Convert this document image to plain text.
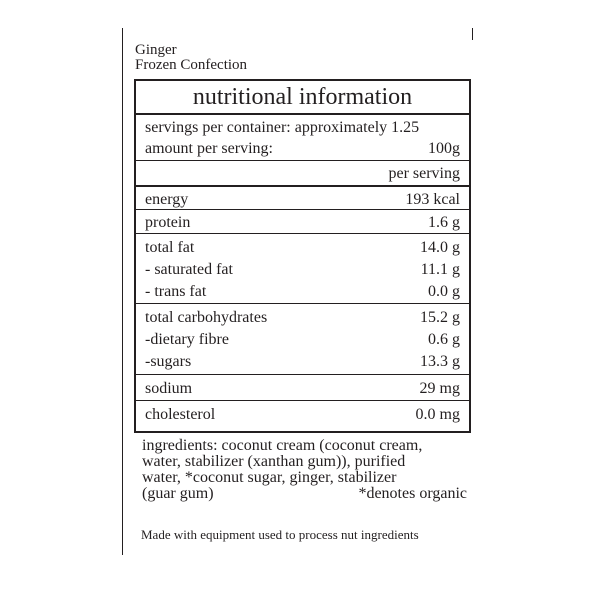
Ginger
Frozen Confection
nutritional information
servings per container: approximately 1.25
amount per serving:	100g
per serving
energy	193 kcal
protein	1.6 g
total fat	14.0 g
- saturated fat	11.1 g
- trans fat	0.0 g
total carbohydrates	15.2 g
-dietary fibre	0.6 g
-sugars	13.3 g
sodium	29 mg
cholesterol	0.0 mg
ingredients: coconut cream (coconut cream,
water, stabilizer (xanthan gum)), purified
water, *coconut sugar, ginger, stabilizer
(guar gum)	*denotes organic
Made with equipment used to process nut ingredients
